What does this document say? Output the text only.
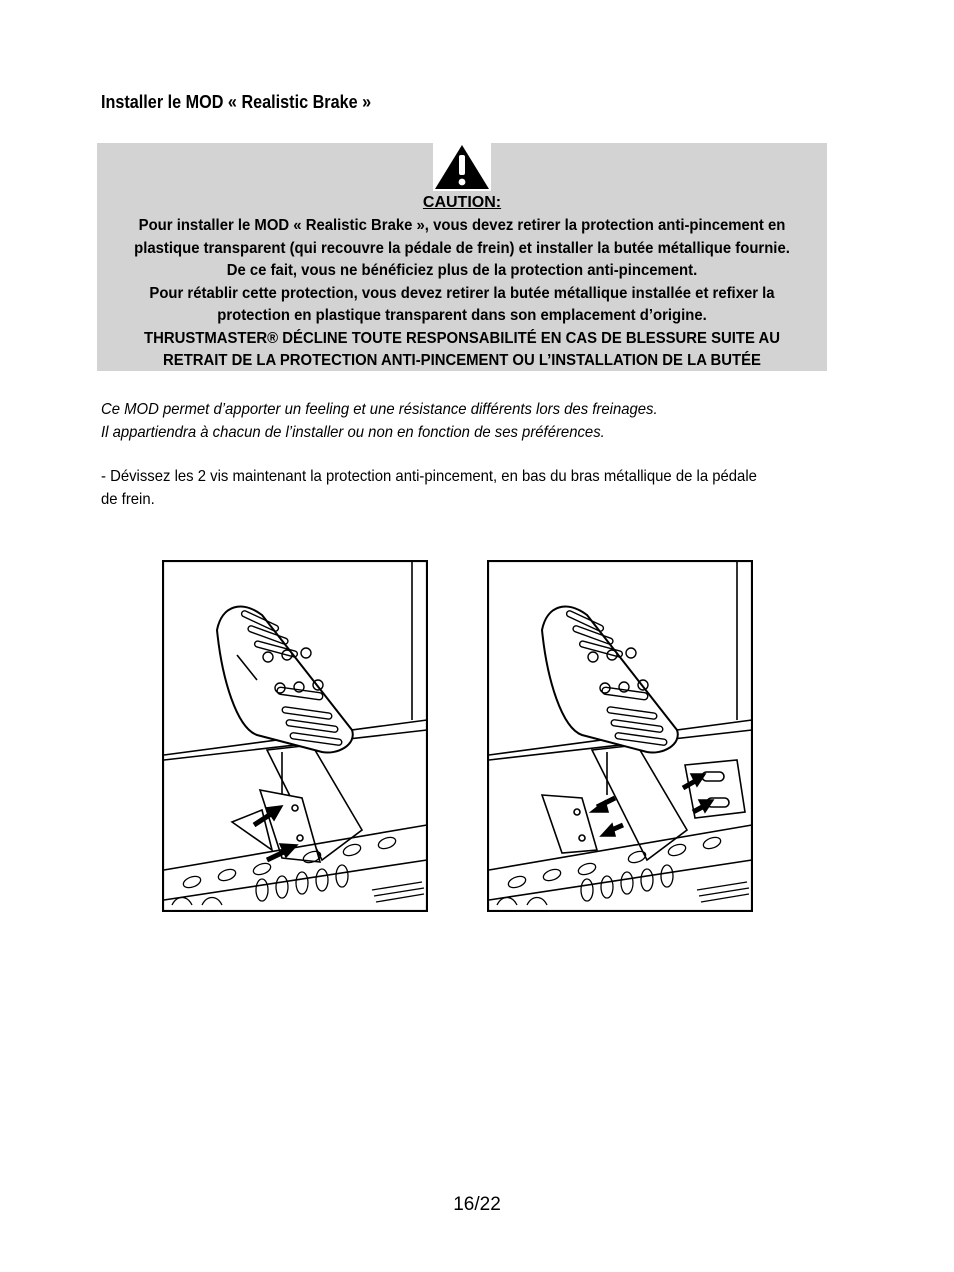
Installer le MOD « Realistic Brake »
CAUTION:
Pour installer le MOD « Realistic Brake », vous devez retirer la protection anti-pincement en
plastique transparent (qui recouvre la pédale de frein) et installer la butée métallique fournie.
De ce fait, vous ne bénéficiez plus de la protection anti-pincement.
Pour rétablir cette protection, vous devez retirer la butée métallique installée et refixer la
protection en plastique transparent dans son emplacement d’origine.
THRUSTMASTER® DÉCLINE TOUTE RESPONSABILITÉ EN CAS DE BLESSURE SUITE AU
RETRAIT DE LA PROTECTION ANTI-PINCEMENT OU L’INSTALLATION DE LA BUTÉE
Ce MOD permet d’apporter un feeling et une résistance différents lors des freinages.
Il appartiendra à chacun de l’installer ou non en fonction de ses préférences.
- Dévissez les 2 vis maintenant la protection anti-pincement, en bas du bras métallique de la pédale
de frein.
16/22
